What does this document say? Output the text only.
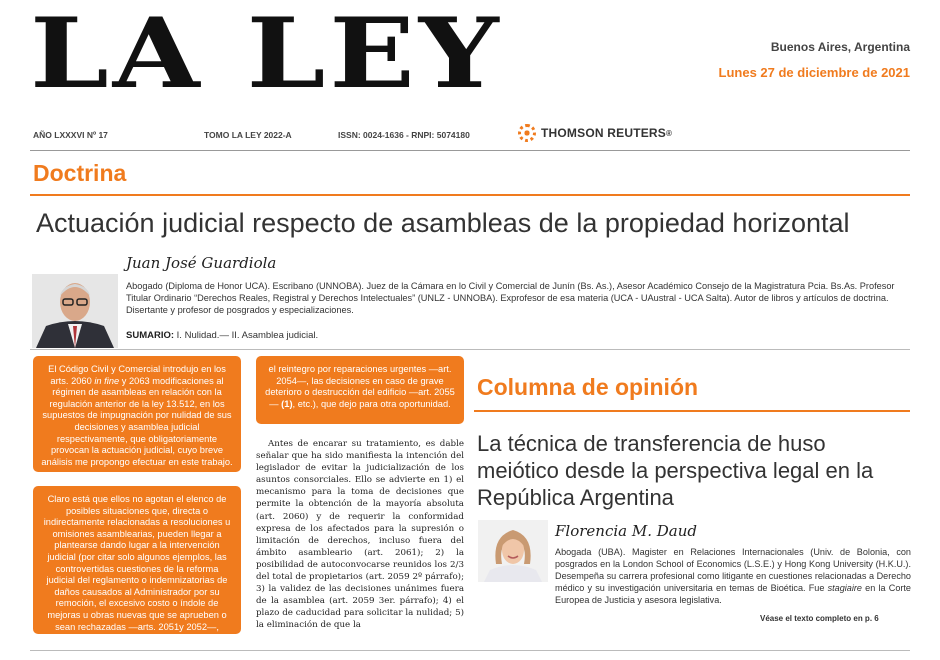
LA LEY	Buenos Aires, Argentina
Lunes 27 de diciembre de 2021
AÑO LXXXVI Nº 17	TOMO LA LEY 2022-A	ISSN: 0024-1636 - RNPI: 5074180	THOMSON REUTERS ®
Doctrina
Actuación judicial respecto de asambleas de la propiedad horizontal
Juan José Guardiola
Abogado (Diploma de Honor UCA). Escribano (UNNOBA). Juez de la Cámara en lo Civil y Comercial de Junín (Bs. As.), Asesor Académico Consejo de la Magistratura Pcia. Bs.As. Profesor Titular Ordinario “Derechos Reales, Registral y Derechos Intelectuales” (UNLZ - UNNOBA). Exprofesor de esa materia (UCA - UAustral - UCA Salta). Autor de libros y artículos de doctrina. Disertante y profesor de posgrados y especializaciones.
SUMARIO: I. Nulidad.— II. Asamblea judicial.
El Código Civil y Comercial introdujo en los arts. 2060 in fine y 2063 modificaciones al régimen de asambleas en relación con la regulación anterior de la ley 13.512, en los supuestos de impugnación por nulidad de sus decisiones y asamblea judicial respectivamente, que obligatoriamente provocan la actuación judicial, cuyo breve análisis me propongo efectuar en este trabajo.
Claro está que ellos no agotan el elenco de posibles situaciones que, directa o indirectamente relacionadas a resoluciones u omisiones asamblearias, pueden llegar a plantearse dando lugar a la intervención judicial (por citar solo algunos ejemplos, las controvertidas cuestiones de la reforma judicial del reglamento o indemnizatorias de daños causados al Administrador por su remoción, el excesivo costo o índole de mejoras u obras nuevas que se aprueben o sean rechazadas —arts. 2051y 2052—,
el reintegro por reparaciones urgentes —art. 2054—, las decisiones en caso de grave deterioro o destrucción del edificio —art. 2055— (1), etc.), que dejo para otra oportunidad.
Antes de encarar su tratamiento, es dable señalar que ha sido manifiesta la intención del legislador de evitar la judicialización de los asuntos consorciales. Ello se advierte en 1) el mecanismo para la toma de decisiones que permite la obtención de la mayoría absoluta (art. 2060) y de requerir la conformidad expresa de los afectados para la supresión o limitación de derechos, incluso fuera del ámbito asambleario (art. 2061); 2) la posibilidad de autoconvocarse reunidos los 2/3 del total de propietarios (art. 2059 2º párrafo); 3) la validez de las decisiones unánimes fuera de la asamblea (art. 2059 3er. párrafo); 4) el plazo de caducidad para solicitar la nulidad; 5) la eliminación de que la
Columna de opinión
La técnica de transferencia de huso meiótico desde la perspectiva legal en la República Argentina
Florencia M. Daud
Abogada (UBA). Magister en Relaciones Internacionales (Univ. de Bolonia, con posgrados en la London School of Economics (L.S.E.) y Hong Kong University (H.K.U.). Desempeña su carrera profesional como litigante en cuestiones relacionadas a Derecho médico y su investigación universitaria en temas de Bioética. Fue stagiaire en la Corte Europea de Justicia y asesora legislativa.
Véase el texto completo en p. 6
